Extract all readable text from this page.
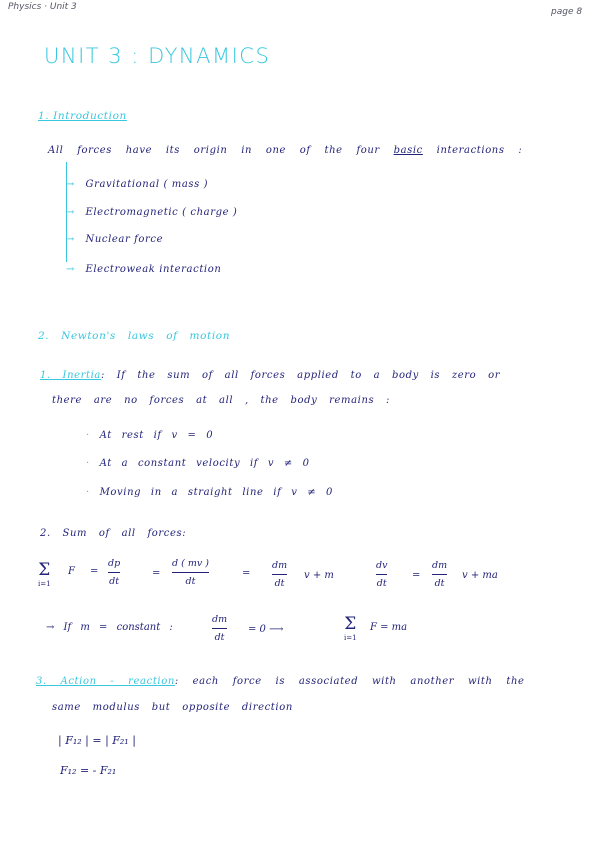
Physics · Unit 3	page 8
UNIT 3 : DYNAMICS
1. Introduction
All forces have its origin in one of the four basic interactions :
→ Gravitational ( mass )
→ Electromagnetic ( charge )
→ Nuclear force
→ Electroweak interaction
2. Newton's laws of motion
1. Inertia: If the sum of all forces applied to a body is zero or
there are no forces at all , the body remains :
· At rest if v = 0
· At a constant velocity if v ≠ 0
· Moving in a straight line if v ≠ 0
2. Sum of all forces:
Σ
i=1
F =
dp
dt
=
d ( mv )
dt
=
dm
dt
v + m
dv
dt
=
dm
dt
v + ma
→ If m = constant :
dm
dt
= 0 ⟶	Σ
i=1
F = ma
3. Action - reaction: each force is associated with another with the
same modulus but opposite direction
| F₁₂ | = | F₂₁ |
F₁₂ = - F₂₁
